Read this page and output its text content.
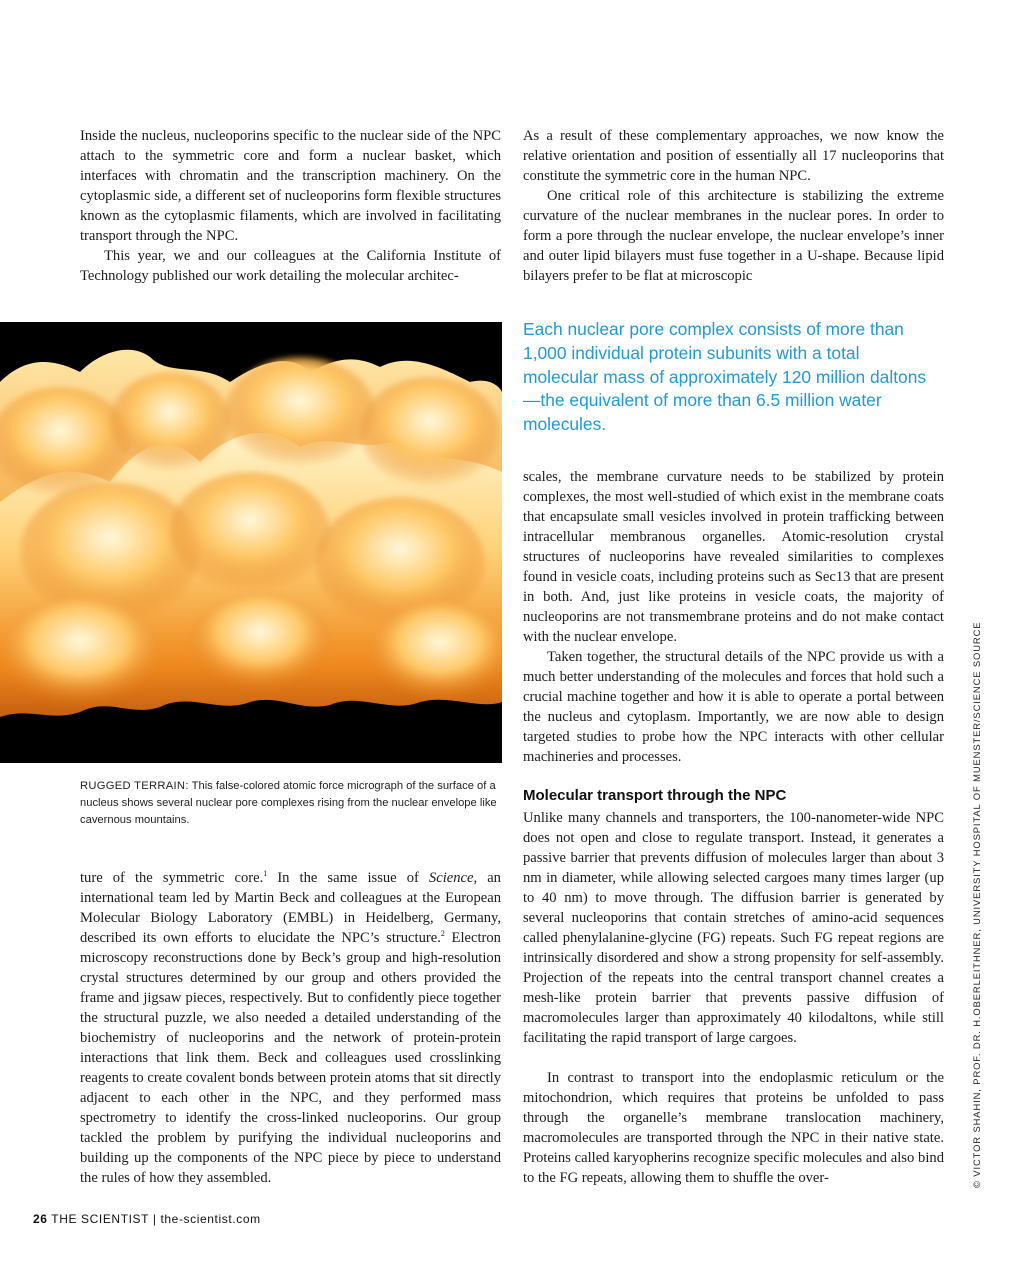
Inside the nucleus, nucleoporins specific to the nuclear side of the NPC attach to the symmetric core and form a nuclear basket, which interfaces with chromatin and the transcription machinery. On the cytoplasmic side, a different set of nucleoporins form flexible structures known as the cytoplasmic filaments, which are involved in facilitating transport through the NPC.

This year, we and our colleagues at the California Institute of Technology published our work detailing the molecular architec-

As a result of these complementary approaches, we now know the relative orientation and position of essentially all 17 nucleoporins that constitute the symmetric core in the human NPC.

One critical role of this architecture is stabilizing the extreme curvature of the nuclear membranes in the nuclear pores. In order to form a pore through the nuclear envelope, the nuclear envelope’s inner and outer lipid bilayers must fuse together in a U-shape. Because lipid bilayers prefer to be flat at microscopic

Each nuclear pore complex consists of more than 1,000 individual protein subunits with a total molecular mass of approximately 120 million daltons—the equivalent of more than 6.5 million water molecules.

scales, the membrane curvature needs to be stabilized by protein complexes, the most well-studied of which exist in the membrane coats that encapsulate small vesicles involved in protein trafficking between intracellular membranous organelles. Atomic-resolution crystal structures of nucleoporins have revealed similarities to complexes found in vesicle coats, including proteins such as Sec13 that are present in both. And, just like proteins in vesicle coats, the majority of nucleoporins are not transmembrane proteins and do not make contact with the nuclear envelope.

Taken together, the structural details of the NPC provide us with a much better understanding of the molecules and forces that hold such a crucial machine together and how it is able to operate a portal between the nucleus and cytoplasm. Importantly, we are now able to design targeted studies to probe how the NPC interacts with other cellular machineries and processes.

RUGGED TERRAIN: This false-colored atomic force micrograph of the surface of a nucleus shows several nuclear pore complexes rising from the nuclear envelope like cavernous mountains.

Molecular transport through the NPC

Unlike many channels and transporters, the 100-nanometer-wide NPC does not open and close to regulate transport. Instead, it generates a passive barrier that prevents diffusion of molecules larger than about 3 nm in diameter, while allowing selected cargoes many times larger (up to 40 nm) to move through. The diffusion barrier is generated by several nucleoporins that contain stretches of amino-acid sequences called phenylalanine-glycine (FG) repeats. Such FG repeat regions are intrinsically disordered and show a strong propensity for self-assembly. Projection of the repeats into the central transport channel creates a mesh-like protein barrier that prevents passive diffusion of macromolecules larger than approximately 40 kilodaltons, while still facilitating the rapid transport of large cargoes.

In contrast to transport into the endoplasmic reticulum or the mitochondrion, which requires that proteins be unfolded to pass through the organelle’s membrane translocation machinery, macromolecules are transported through the NPC in their native state. Proteins called karyopherins recognize specific molecules and also bind to the FG repeats, allowing them to shuffle the over-

ture of the symmetric core.$^1$ In the same issue of Science, an international team led by Martin Beck and colleagues at the European Molecular Biology Laboratory (EMBL) in Heidelberg, Germany, described its own efforts to elucidate the NPC’s structure.$^2$ Electron microscopy reconstructions done by Beck’s group and high-resolution crystal structures determined by our group and others provided the frame and jigsaw pieces, respectively. But to confidently piece together the structural puzzle, we also needed a detailed understanding of the biochemistry of nucleoporins and the network of protein-protein interactions that link them. Beck and colleagues used crosslinking reagents to create covalent bonds between protein atoms that sit directly adjacent to each other in the NPC, and they performed mass spectrometry to identify the cross-linked nucleoporins. Our group tackled the problem by purifying the individual nucleoporins and building up the components of the NPC piece by piece to understand the rules of how they assembled.

26 THE SCIENTIST | the-scientist.com
© VICTOR SHAHIN, PROF. DR. H.OBERLEITHNER, UNIVERSITY HOSPITAL OF MUENSTER/SCIENCE SOURCE
